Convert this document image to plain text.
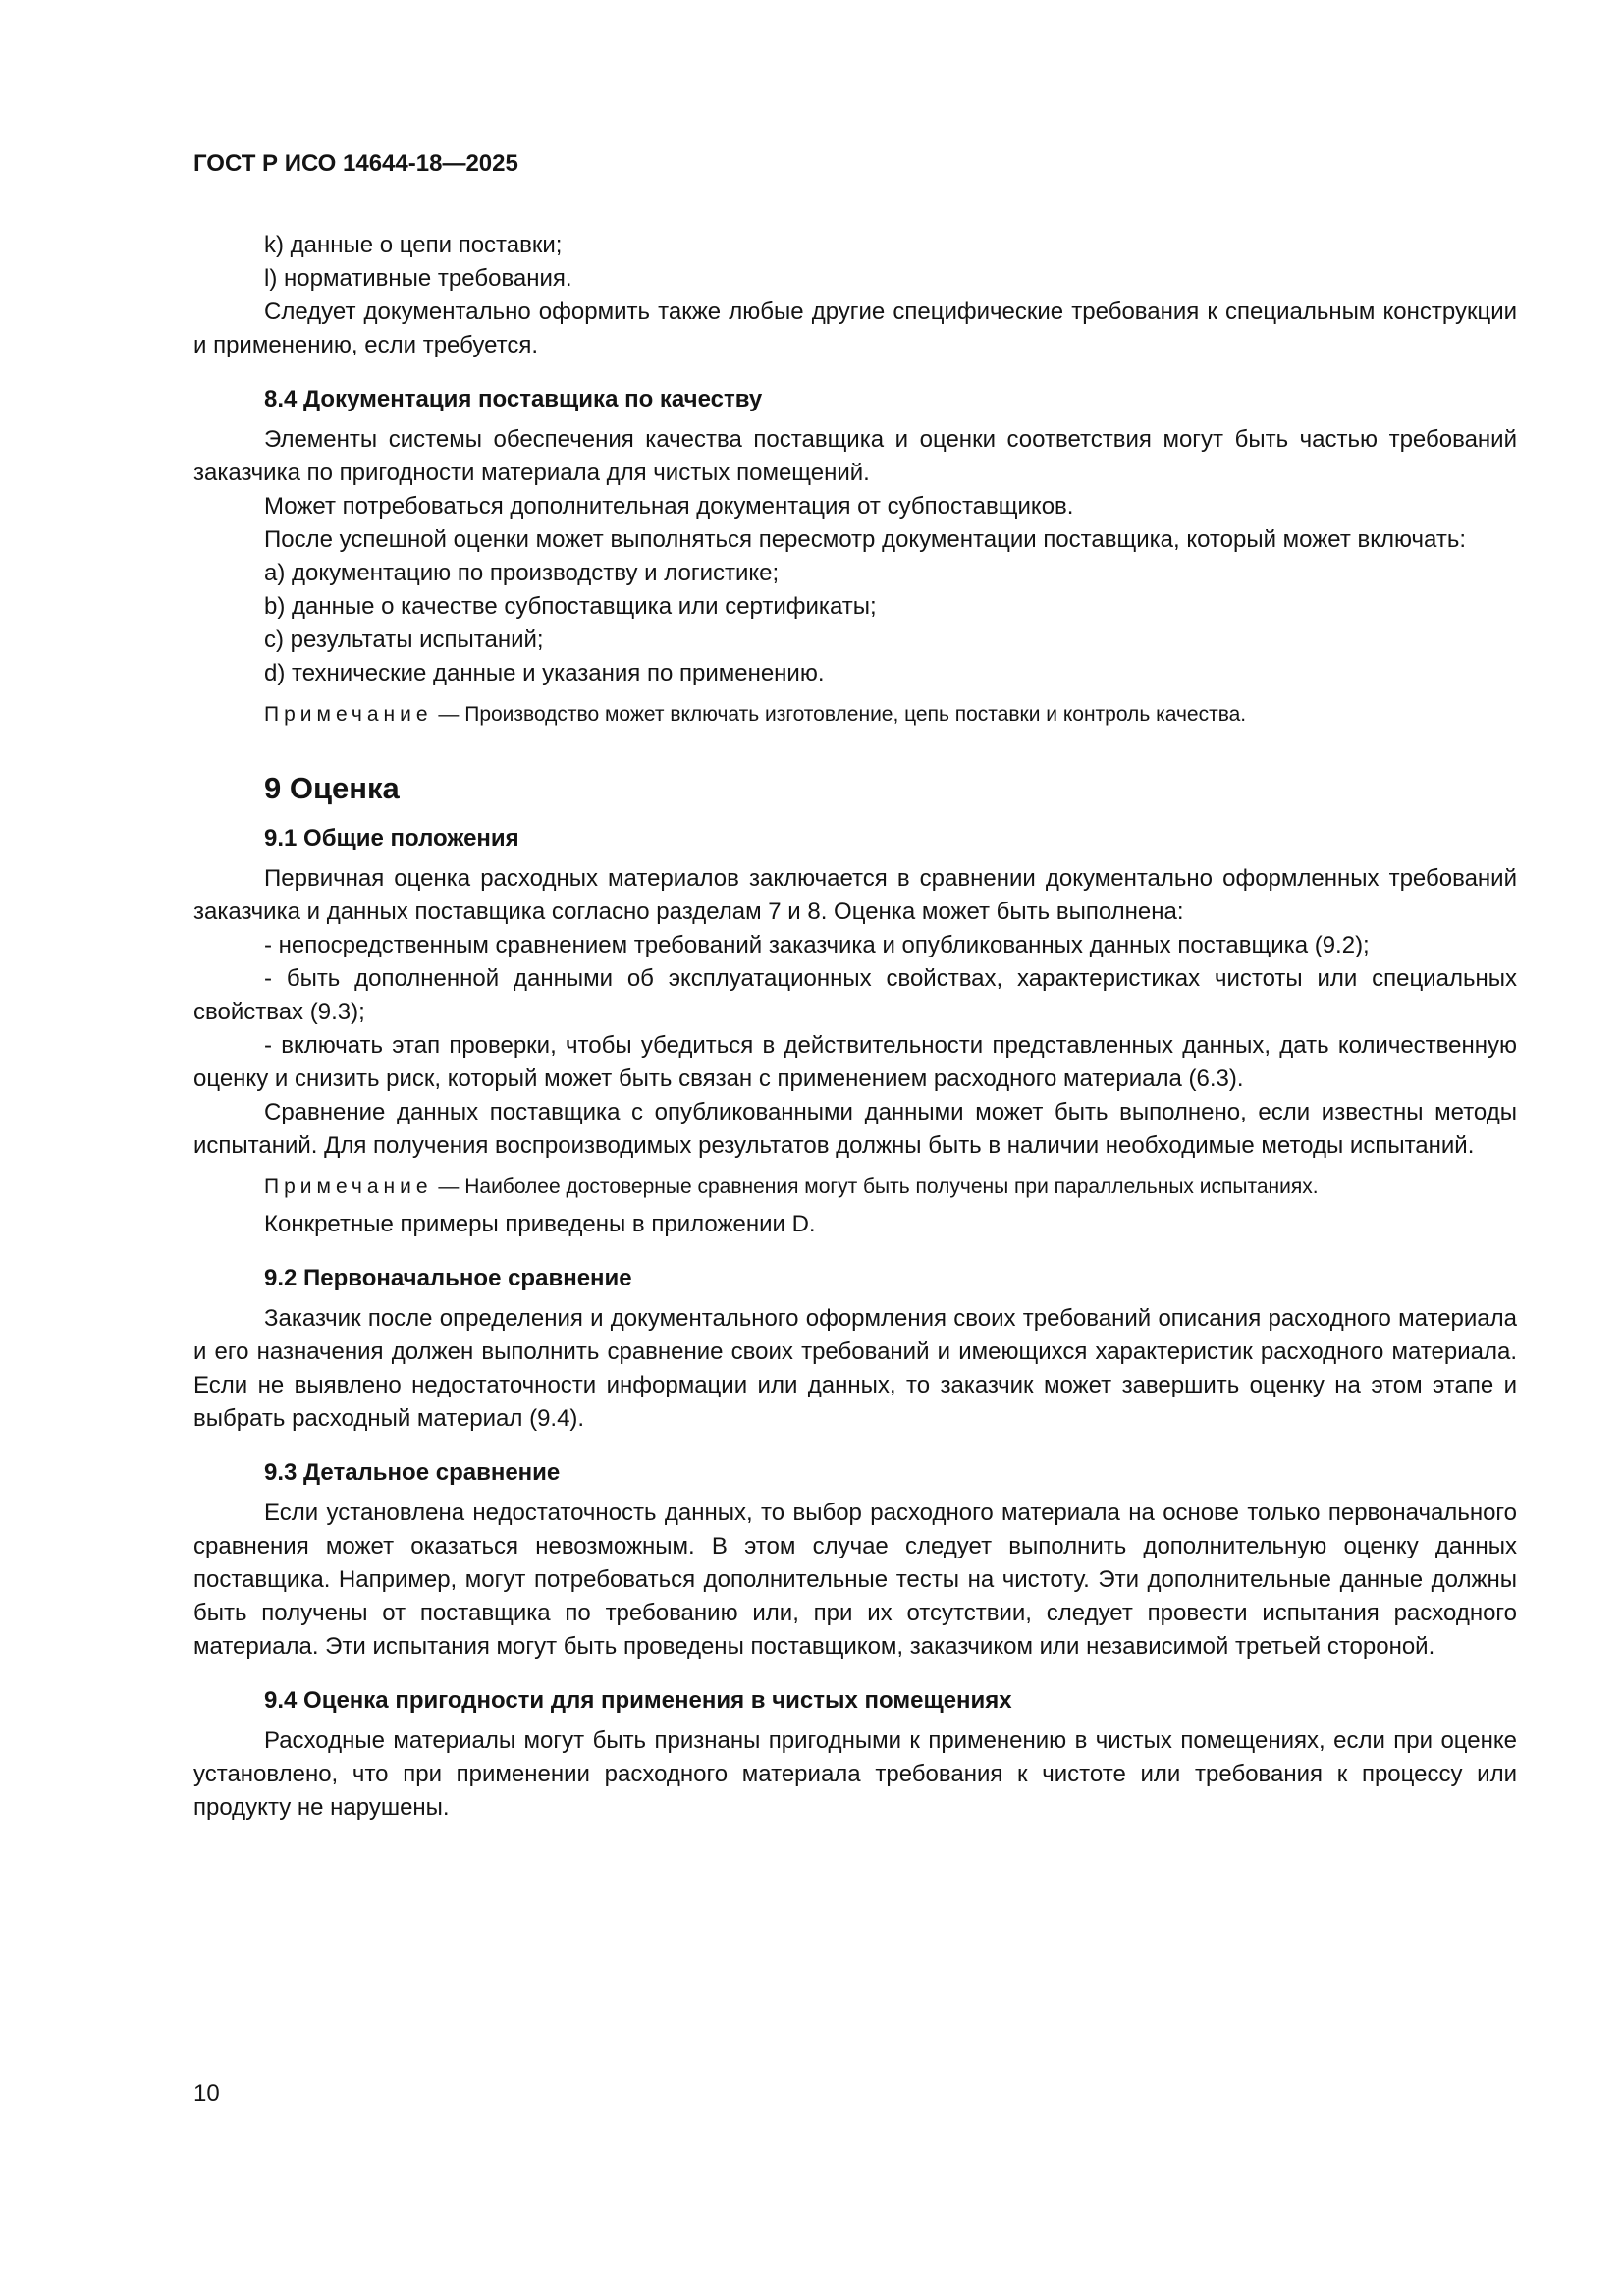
ГОСТ Р ИСО 14644-18—2025

k) данные о цепи поставки;

l) нормативные требования.

Следует документально оформить также любые другие специфические требования к специальным конструкции и применению, если требуется.

8.4 Документация поставщика по качеству

Элементы системы обеспечения качества поставщика и оценки соответствия могут быть частью требований заказчика по пригодности материала для чистых помещений.

Может потребоваться дополнительная документация от субпоставщиков.

После успешной оценки может выполняться пересмотр документации поставщика, который может включать:

a) документацию по производству и логистике;

b) данные о качестве субпоставщика или сертификаты;

c) результаты испытаний;

d) технические данные и указания по применению.

Примечание — Производство может включать изготовление, цепь поставки и контроль качества.

9 Оценка

9.1 Общие положения

Первичная оценка расходных материалов заключается в сравнении документально оформленных требований заказчика и данных поставщика согласно разделам 7 и 8. Оценка может быть выполнена:

- непосредственным сравнением требований заказчика и опубликованных данных поставщика (9.2);

- быть дополненной данными об эксплуатационных свойствах, характеристиках чистоты или специальных свойствах (9.3);

- включать этап проверки, чтобы убедиться в действительности представленных данных, дать количественную оценку и снизить риск, который может быть связан с применением расходного материала (6.3).

Сравнение данных поставщика с опубликованными данными может быть выполнено, если известны методы испытаний. Для получения воспроизводимых результатов должны быть в наличии необходимые методы испытаний.

Примечание — Наиболее достоверные сравнения могут быть получены при параллельных испытаниях.

Конкретные примеры приведены в приложении D.

9.2 Первоначальное сравнение

Заказчик после определения и документального оформления своих требований описания расходного материала и его назначения должен выполнить сравнение своих требований и имеющихся характеристик расходного материала. Если не выявлено недостаточности информации или данных, то заказчик может завершить оценку на этом этапе и выбрать расходный материал (9.4).

9.3 Детальное сравнение

Если установлена недостаточность данных, то выбор расходного материала на основе только первоначального сравнения может оказаться невозможным. В этом случае следует выполнить дополнительную оценку данных поставщика. Например, могут потребоваться дополнительные тесты на чистоту. Эти дополнительные данные должны быть получены от поставщика по требованию или, при их отсутствии, следует провести испытания расходного материала. Эти испытания могут быть проведены поставщиком, заказчиком или независимой третьей стороной.

9.4 Оценка пригодности для применения в чистых помещениях

Расходные материалы могут быть признаны пригодными к применению в чистых помещениях, если при оценке установлено, что при применении расходного материала требования к чистоте или требования к процессу или продукту не нарушены.

10
